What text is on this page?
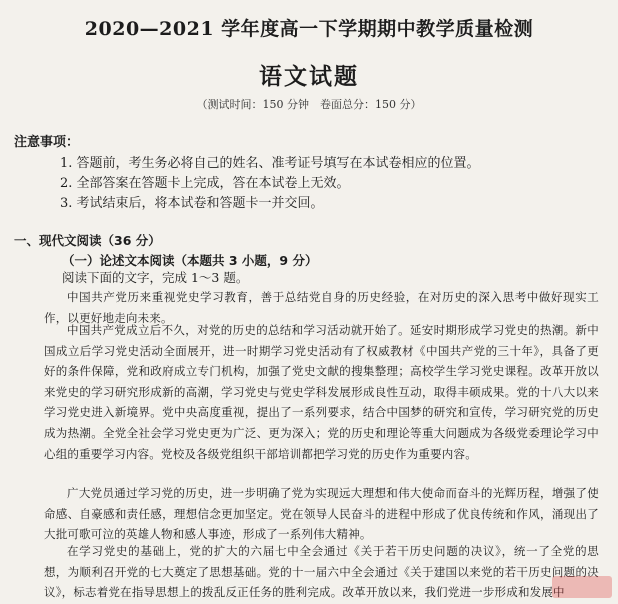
2020—2021 学年度高一下学期期中教学质量检测
语文试题
（测试时间：150 分钟　卷面总分：150 分）
注意事项：
1. 答题前，考生务必将自己的姓名、准考证号填写在本试卷相应的位置。
2. 全部答案在答题卡上完成，答在本试卷上无效。
3. 考试结束后，将本试卷和答题卡一并交回。
一、现代文阅读（36 分）
（一）论述文本阅读（本题共 3 小题，9 分）
阅读下面的文字，完成 1～3 题。
中国共产党历来重视党史学习教育，善于总结党自身的历史经验，在对历史的深入思考中做好现实工作，以更好地走向未来。
中国共产党成立后不久，对党的历史的总结和学习活动就开始了。延安时期形成学习党史的热潮。新中国成立后学习党史活动全面展开，进一时期学习党史活动有了权威教材《中国共产党的三十年》，具备了更好的条件保障，党和政府成立专门机构，加强了党史文献的搜集整理；高校学生学习党史课程。改革开放以来党史的学习研究形成新的高潮，学习党史与党史学科发展形成良性互动，取得丰硕成果。党的十八大以来学习党史进入新境界。党中央高度重视，提出了一系列要求，结合中国梦的研究和宣传，学习研究党的历史成为热潮。全党全社会学习党史更为广泛、更为深入；党的历史和理论等重大问题成为各级党委理论学习中心组的重要学习内容。党校及各级党组织干部培训都把学习党的历史作为重要内容。
广大党员通过学习党的历史，进一步明确了党为实现远大理想和伟大使命而奋斗的光辉历程，增强了使命感、自豪感和责任感，理想信念更加坚定。党在领导人民奋斗的进程中形成了优良传统和作风，涌现出了大批可歌可泣的英雄人物和感人事迹，形成了一系列伟大精神。
在学习党史的基础上，党的扩大的六届七中全会通过《关于若干历史问题的决议》，统一了全党的思想，为顺利召开党的七大奠定了思想基础。党的十一届六中全会通过《关于建国以来党的若干历史问题的决议》，标志着党在指导思想上的拨乱反正任务的胜利完成。改革开放以来，我们党进一步形成和发展中
